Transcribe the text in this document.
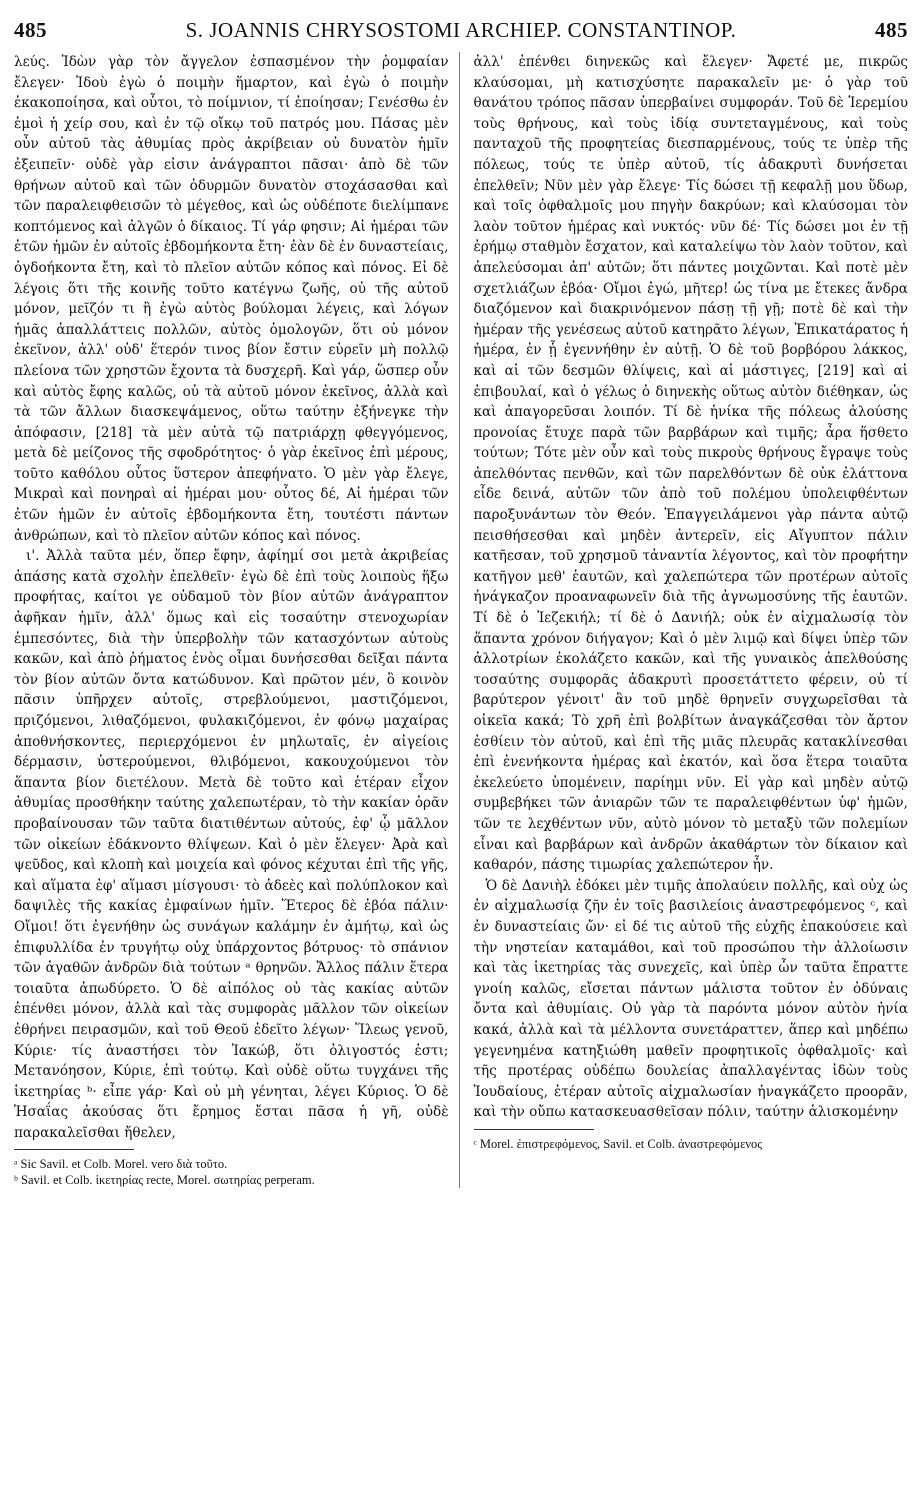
485	S. JOANNIS CHRYSOSTOMI ARCHIEP. CONSTANTINOP.	485

λεύς. Ἰδὼν γὰρ τὸν ἄγγελον ἐσπασμένον τὴν ῥομφαίαν ἔλεγεν· Ἰδοὺ ἐγὼ ὁ ποιμὴν ἥμαρτον, καὶ ἐγὼ ὁ ποιμὴν ἐκακοποίησα, καὶ οὗτοι, τὸ ποίμνιον, τί ἐποίησαν; Γενέσθω ἐν ἐμοὶ ἡ χείρ σου, καὶ ἐν τῷ οἴκῳ τοῦ πατρός μου. Πάσας μὲν οὖν αὐτοῦ τὰς ἀθυμίας πρὸς ἀκρίβειαν οὐ δυνατὸν ἡμῖν ἐξειπεῖν· οὐδὲ γὰρ εἰσιν ἀνάγραπτοι πᾶσαι· ἀπὸ δὲ τῶν θρήνων αὐτοῦ καὶ τῶν ὀδυρμῶν δυνατὸν στοχάσασθαι καὶ τῶν παραλειφθεισῶν τὸ μέγεθος, καὶ ὡς οὐδέποτε διελίμπανε κοπτόμενος καὶ ἀλγῶν ὁ δίκαιος. Τί γάρ φησιν; Αἱ ἡμέραι τῶν ἐτῶν ἡμῶν ἐν αὐτοῖς ἑβδομήκοντα ἔτη· ἐὰν δὲ ἐν δυναστείαις, ὀγδοήκοντα ἔτη, καὶ τὸ πλεῖον αὐτῶν κόπος καὶ πόνος. Εἰ δὲ λέγοις ὅτι τῆς κοινῆς τοῦτο κατέγνω ζωῆς, οὐ τῆς αὐτοῦ μόνον, μεῖζόν τι ἢ ἐγὼ αὐτὸς βούλομαι λέγεις, καὶ λόγων ἡμᾶς ἀπαλλάττεις πολλῶν, αὐτὸς ὁμολογῶν, ὅτι οὐ μόνον ἐκεῖνον, ἀλλ' οὐδ' ἕτερόν τινος βίον ἔστιν εὑρεῖν μὴ πολλῷ πλείονα τῶν χρηστῶν ἔχοντα τὰ δυσχερῆ. Καὶ γάρ, ὥσπερ οὖν καὶ αὐτὸς ἔφης καλῶς, οὐ τὰ αὐτοῦ μόνον ἐκεῖνος, ἀλλὰ καὶ τὰ τῶν ἄλλων διασκεψάμενος, οὕτω ταύτην ἐξήνεγκε τὴν ἀπόφασιν, [218] τὰ μὲν αὐτὰ τῷ πατριάρχῃ φθεγγόμενος, μετὰ δὲ μείζονος τῆς σφοδρότητος· ὁ γὰρ ἐκεῖνος ἐπὶ μέρους, τοῦτο καθόλου οὗτος ὕστερον ἀπεφήνατο. Ὁ μὲν γὰρ ἔλεγε, Μικραὶ καὶ πονηραὶ αἱ ἡμέραι μου· οὗτος δέ, Αἱ ἡμέραι τῶν ἐτῶν ἡμῶν ἐν αὐτοῖς ἑβδομήκοντα ἔτη, τουτέστι πάντων ἀνθρώπων, καὶ τὸ πλεῖον αὐτῶν κόπος καὶ πόνος.

ι'. Ἀλλὰ ταῦτα μέν, ὅπερ ἔφην, ἀφίημί σοι μετὰ ἀκριβείας ἁπάσης κατὰ σχολὴν ἐπελθεῖν· ἐγὼ δὲ ἐπὶ τοὺς λοιποὺς ἥξω προφήτας, καίτοι γε οὐδαμοῦ τὸν βίον αὐτῶν ἀνάγραπτον ἀφῆκαν ἡμῖν, ἀλλ' ὅμως καὶ εἰς τοσαύτην στενοχωρίαν ἐμπεσόντες, διὰ τὴν ὑπερβολὴν τῶν κατασχόντων αὐτοὺς κακῶν, καὶ ἀπὸ ῥήματος ἑνὸς οἶμαι δυνήσεσθαι δεῖξαι πάντα τὸν βίον αὐτῶν ὄντα κατώδυνον. Καὶ πρῶτον μέν, ὃ κοινὸν πᾶσιν ὑπῆρχεν αὐτοῖς, στρεβλούμενοι, μαστιζόμενοι, πριζόμενοι, λιθαζόμενοι, φυλακιζόμενοι, ἐν φόνῳ μαχαίρας ἀποθνήσκοντες, περιερχόμενοι ἐν μηλωταῖς, ἐν αἰγείοις δέρμασιν, ὑστερούμενοι, θλιβόμενοι, κακουχούμενοι τὸν ἅπαντα βίον διετέλουν. Μετὰ δὲ τοῦτο καὶ ἑτέραν εἶχον ἀθυμίας προσθήκην ταύτης χαλεπωτέραν, τὸ τὴν κακίαν ὁρᾶν προβαίνουσαν τῶν ταῦτα διατιθέντων αὐτούς, ἐφ' ᾧ μᾶλλον τῶν οἰκείων ἐδάκνοντο θλίψεων. Καὶ ὁ μὲν ἔλεγεν· Ἀρὰ καὶ ψεῦδος, καὶ κλοπὴ καὶ μοιχεία καὶ φόνος κέχυται ἐπὶ τῆς γῆς, καὶ αἵματα ἐφ' αἵμασι μίσγουσι· τὸ ἀδεὲς καὶ πολύπλοκον καὶ δαψιλὲς τῆς κακίας ἐμφαίνων ἡμῖν. Ἕτερος δὲ ἐβόα πάλιν· Οἴμοι! ὅτι ἐγενήθην ὡς συνάγων καλάμην ἐν ἀμήτῳ, καὶ ὡς ἐπιφυλλίδα ἐν τρυγήτῳ οὐχ ὑπάρχοντος βότρυος· τὸ σπάνιον τῶν ἀγαθῶν ἀνδρῶν διὰ τούτων ᵃ θρηνῶν. Ἄλλος πάλιν ἕτερα τοιαῦτα ἀπωδύρετο. Ὁ δὲ αἰπόλος οὐ τὰς κακίας αὐτῶν ἐπένθει μόνον, ἀλλὰ καὶ τὰς συμφορὰς μᾶλλον τῶν οἰκείων ἐθρήνει πειρασμῶν, καὶ τοῦ Θεοῦ ἐδεῖτο λέγων· Ἵλεως γενοῦ, Κύριε· τίς ἀναστήσει τὸν Ἰακώβ, ὅτι ὀλιγοστός ἐστι; Μετανόησον, Κύριε, ἐπὶ τούτῳ. Καὶ οὐδὲ οὕτω τυγχάνει τῆς ἱκετηρίας ᵇ· εἶπε γάρ· Καὶ οὐ μὴ γένηται, λέγει Κύριος. Ὁ δὲ Ἡσαΐας ἀκούσας ὅτι ἔρημος ἔσται πᾶσα ἡ γῆ, οὐδὲ παρακαλεῖσθαι ἤθελεν,

ᵃ Sic Savil. et Colb. Morel. vero διὰ τοῦτο.
ᵇ Savil. et Colb. ἱκετηρίας recte, Morel. σωτηρίας perperam.

ἀλλ' ἐπένθει διηνεκῶς καὶ ἔλεγεν· Ἄφετέ με, πικρῶς κλαύσομαι, μὴ κατισχύσητε παρακαλεῖν με· ὁ γὰρ τοῦ θανάτου τρόπος πᾶσαν ὑπερβαίνει συμφοράν. Τοῦ δὲ Ἱερεμίου τοὺς θρήνους, καὶ τοὺς ἰδίᾳ συντεταγμένους, καὶ τοὺς πανταχοῦ τῆς προφητείας διεσπαρμένους, τούς τε ὑπὲρ τῆς πόλεως, τούς τε ὑπὲρ αὐτοῦ, τίς ἀδακρυτὶ δυνήσεται ἐπελθεῖν; Νῦν μὲν γὰρ ἔλεγε· Τίς δώσει τῇ κεφαλῇ μου ὕδωρ, καὶ τοῖς ὀφθαλμοῖς μου πηγὴν δακρύων; καὶ κλαύσομαι τὸν λαὸν τοῦτον ἡμέρας καὶ νυκτός· νῦν δέ· Τίς δώσει μοι ἐν τῇ ἐρήμῳ σταθμὸν ἔσχατον, καὶ καταλείψω τὸν λαὸν τοῦτον, καὶ ἀπελεύσομαι ἀπ' αὐτῶν; ὅτι πάντες μοιχῶνται. Καὶ ποτὲ μὲν σχετλιάζων ἐβόα· Οἴμοι ἐγώ, μῆτερ! ὡς τίνα με ἔτεκες ἄνδρα διαζόμενον καὶ διακρινόμενον πάσῃ τῇ γῇ; ποτὲ δὲ καὶ τὴν ἡμέραν τῆς γενέσεως αὐτοῦ κατηρᾶτο λέγων, Ἐπικατάρατος ἡ ἡμέρα, ἐν ᾗ ἐγεννήθην ἐν αὐτῇ. Ὁ δὲ τοῦ βορβόρου λάκκος, καὶ αἱ τῶν δεσμῶν θλίψεις, καὶ αἱ μάστιγες, [219] καὶ αἱ ἐπιβουλαί, καὶ ὁ γέλως ὁ διηνεκὴς οὕτως αὐτὸν διέθηκαν, ὡς καὶ ἀπαγορεῦσαι λοιπόν. Τί δὲ ἡνίκα τῆς πόλεως ἁλούσης προνοίας ἔτυχε παρὰ τῶν βαρβάρων καὶ τιμῆς; ἆρα ἥσθετο τούτων; Τότε μὲν οὖν καὶ τοὺς πικροὺς θρήνους ἔγραψε τοὺς ἀπελθόντας πενθῶν, καὶ τῶν παρελθόντων δὲ οὐκ ἐλάττονα εἶδε δεινά, αὐτῶν τῶν ἀπὸ τοῦ πολέμου ὑπολειφθέντων παροξυνάντων τὸν Θεόν. Ἐπαγγειλάμενοι γὰρ πάντα αὐτῷ πεισθήσεσθαι καὶ μηδὲν ἀντερεῖν, εἰς Αἴγυπτον πάλιν κατῆεσαν, τοῦ χρησμοῦ τἀναντία λέγοντος, καὶ τὸν προφήτην κατῆγον μεθ' ἑαυτῶν, καὶ χαλεπώτερα τῶν προτέρων αὐτοῖς ἠνάγκαζον προαναφωνεῖν διὰ τῆς ἀγνωμοσύνης τῆς ἑαυτῶν. Τί δὲ ὁ Ἰεζεκιήλ; τί δὲ ὁ Δανιήλ; οὐκ ἐν αἰχμαλωσίᾳ τὸν ἅπαντα χρόνον διήγαγον; Καὶ ὁ μὲν λιμῷ καὶ δίψει ὑπὲρ τῶν ἀλλοτρίων ἐκολάζετο κακῶν, καὶ τῆς γυναικὸς ἀπελθούσης τοσαύτης συμφορᾶς ἀδακρυτὶ προσετάττετο φέρειν, οὐ τί βαρύτερον γένοιτ' ἂν τοῦ μηδὲ θρηνεῖν συγχωρεῖσθαι τὰ οἰκεῖα κακά; Τὸ χρῆ ἐπὶ βολβίτων ἀναγκάζεσθαι τὸν ἄρτον ἐσθίειν τὸν αὐτοῦ, καὶ ἐπὶ τῆς μιᾶς πλευρᾶς κατακλίνεσθαι ἐπὶ ἐνενήκοντα ἡμέρας καὶ ἑκατόν, καὶ ὅσα ἕτερα τοιαῦτα ἐκελεύετο ὑπομένειν, παρίημι νῦν. Εἰ γὰρ καὶ μηδὲν αὐτῷ συμβεβήκει τῶν ἀνιαρῶν τῶν τε παραλειφθέντων ὑφ' ἡμῶν, τῶν τε λεχθέντων νῦν, αὐτὸ μόνον τὸ μεταξὺ τῶν πολεμίων εἶναι καὶ βαρβάρων καὶ ἀνδρῶν ἀκαθάρτων τὸν δίκαιον καὶ καθαρόν, πάσης τιμωρίας χαλεπώτερον ἦν.

Ὁ δὲ Δανιὴλ ἐδόκει μὲν τιμῆς ἀπολαύειν πολλῆς, καὶ οὐχ ὡς ἐν αἰχμαλωσίᾳ ζῆν ἐν τοῖς βασιλείοις ἀναστρεφόμενος ᶜ, καὶ ἐν δυναστείαις ὤν· εἰ δέ τις αὐτοῦ τῆς εὐχῆς ἐπακούσειε καὶ τὴν νηστείαν καταμάθοι, καὶ τοῦ προσώπου τὴν ἀλλοίωσιν καὶ τὰς ἱκετηρίας τὰς συνεχεῖς, καὶ ὑπὲρ ὧν ταῦτα ἔπραττε γνοίη καλῶς, εἴσεται πάντων μάλιστα τοῦτον ἐν ὀδύναις ὄντα καὶ ἀθυμίαις. Οὐ γὰρ τὰ παρόντα μόνον αὐτὸν ἠνία κακά, ἀλλὰ καὶ τὰ μέλλοντα συνετάραττεν, ἅπερ καὶ μηδέπω γεγενημένα κατηξιώθη μαθεῖν προφητικοῖς ὀφθαλμοῖς· καὶ τῆς προτέρας οὐδέπω δουλείας ἀπαλλαγέντας ἰδὼν τοὺς Ἰουδαίους, ἑτέραν αὐτοῖς αἰχμαλωσίαν ἠναγκάζετο προορᾶν, καὶ τὴν οὔπω κατασκευασθεῖσαν πόλιν, ταύτην ἁλισκομένην

ᶜ Morel. ἐπιστρεφόμενος, Savil. et Colb. ἀναστρεφόμενος
